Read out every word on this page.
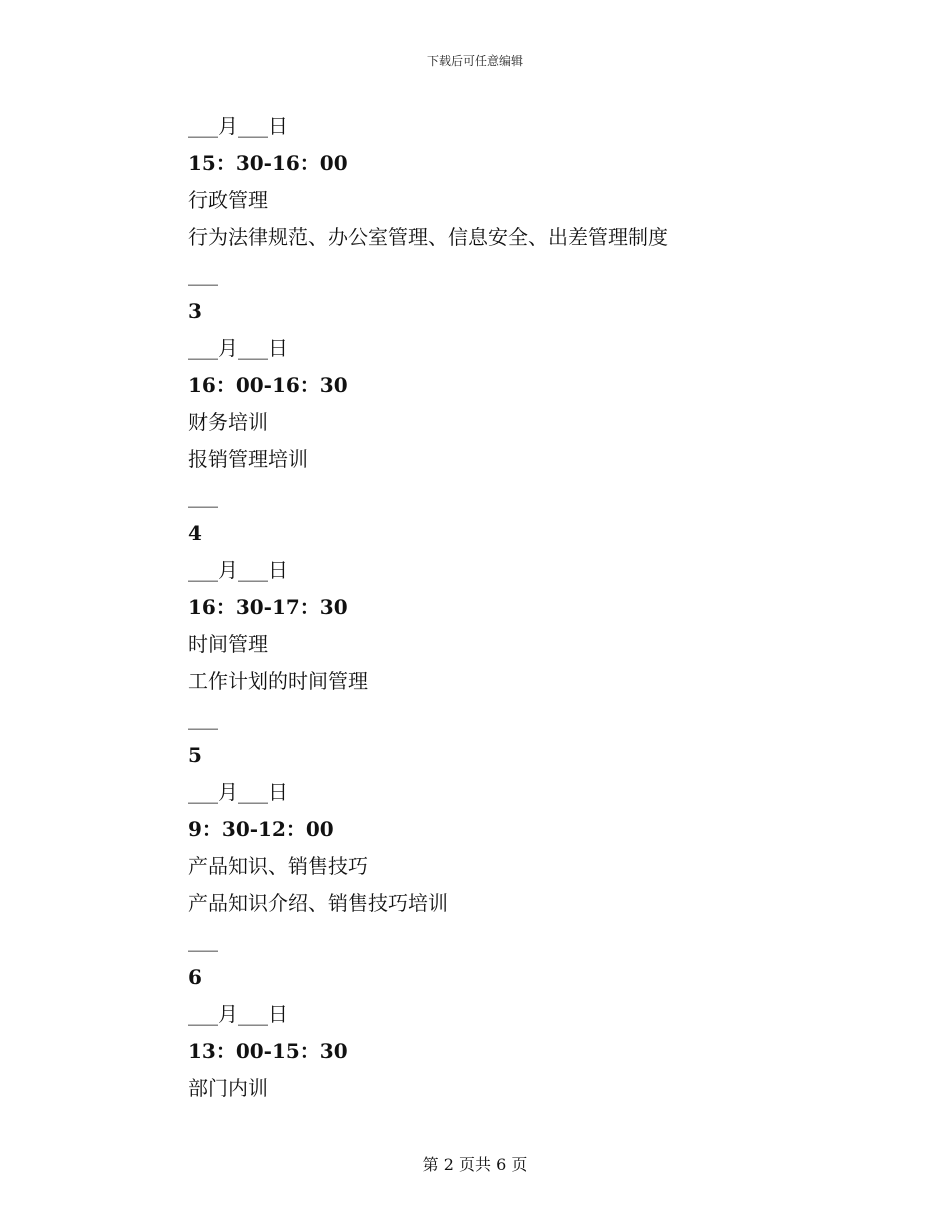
下载后可任意编辑
___月___日
15：30-16：00
行政管理
行为法律规范、办公室管理、信息安全、出差管理制度
___
3
___月___日
16：00-16：30
财务培训
报销管理培训
___
4
___月___日
16：30-17：30
时间管理
工作计划的时间管理
___
5
___月___日
9：30-12：00
产品知识、销售技巧
产品知识介绍、销售技巧培训
___
6
___月___日
13：00-15：30
部门内训
第 2 页共 6 页
